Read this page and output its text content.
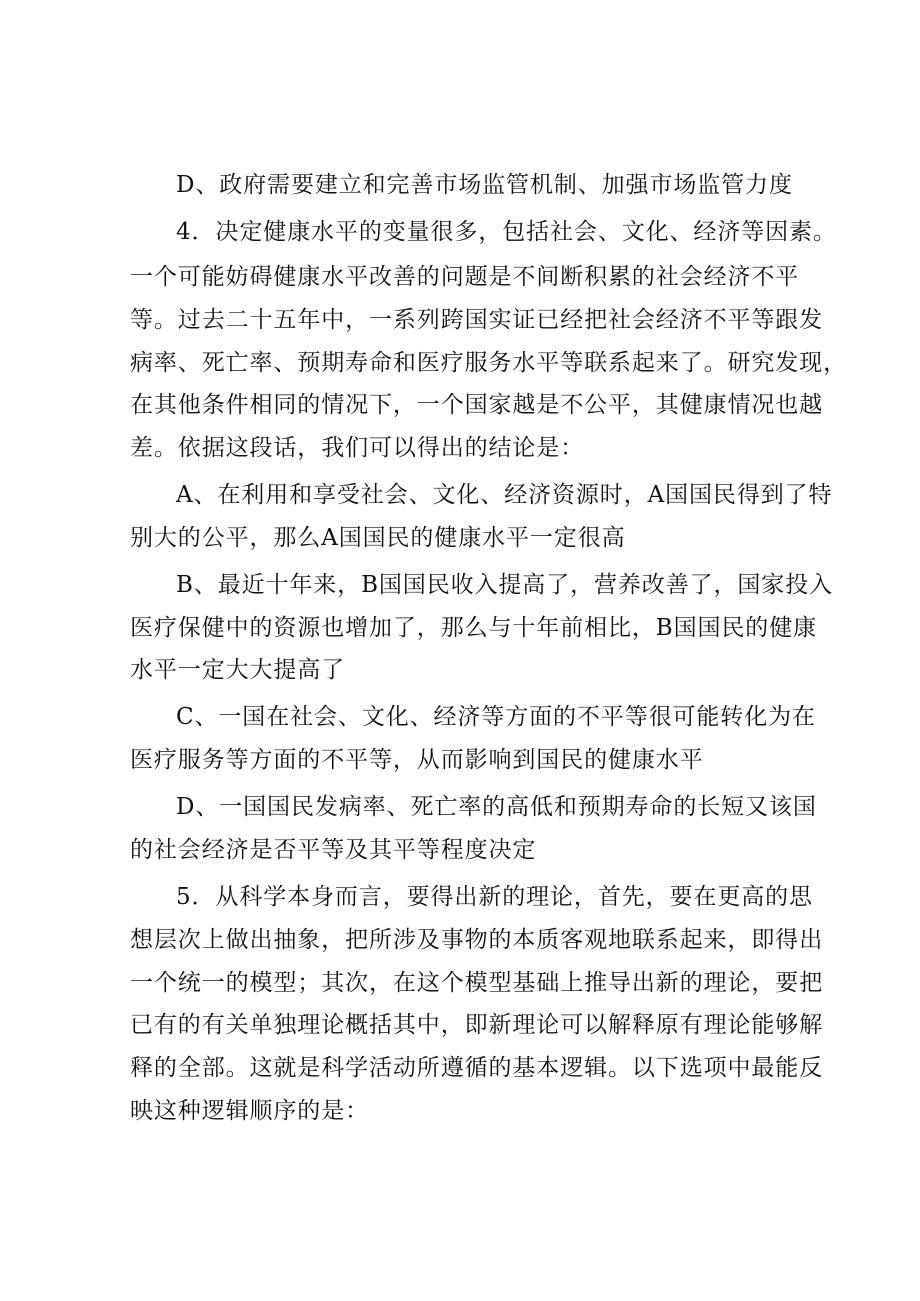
D、政府需要建立和完善市场监管机制、加强市场监管力度
4．决定健康水平的变量很多，包括社会、文化、经济等因素。
一个可能妨碍健康水平改善的问题是不间断积累的社会经济不平
等。过去二十五年中，一系列跨国实证已经把社会经济不平等跟发
病率、死亡率、预期寿命和医疗服务水平等联系起来了。研究发现，
在其他条件相同的情况下，一个国家越是不公平，其健康情况也越
差。依据这段话，我们可以得出的结论是：
A、在利用和享受社会、文化、经济资源时，A国国民得到了特
别大的公平，那么A国国民的健康水平一定很高
B、最近十年来，B国国民收入提高了，营养改善了，国家投入
医疗保健中的资源也增加了，那么与十年前相比，B国国民的健康
水平一定大大提高了
C、一国在社会、文化、经济等方面的不平等很可能转化为在
医疗服务等方面的不平等，从而影响到国民的健康水平
D、一国国民发病率、死亡率的高低和预期寿命的长短又该国
的社会经济是否平等及其平等程度决定
5．从科学本身而言，要得出新的理论，首先，要在更高的思
想层次上做出抽象，把所涉及事物的本质客观地联系起来，即得出
一个统一的模型；其次，在这个模型基础上推导出新的理论，要把
已有的有关单独理论概括其中，即新理论可以解释原有理论能够解
释的全部。这就是科学活动所遵循的基本逻辑。以下选项中最能反
映这种逻辑顺序的是：
